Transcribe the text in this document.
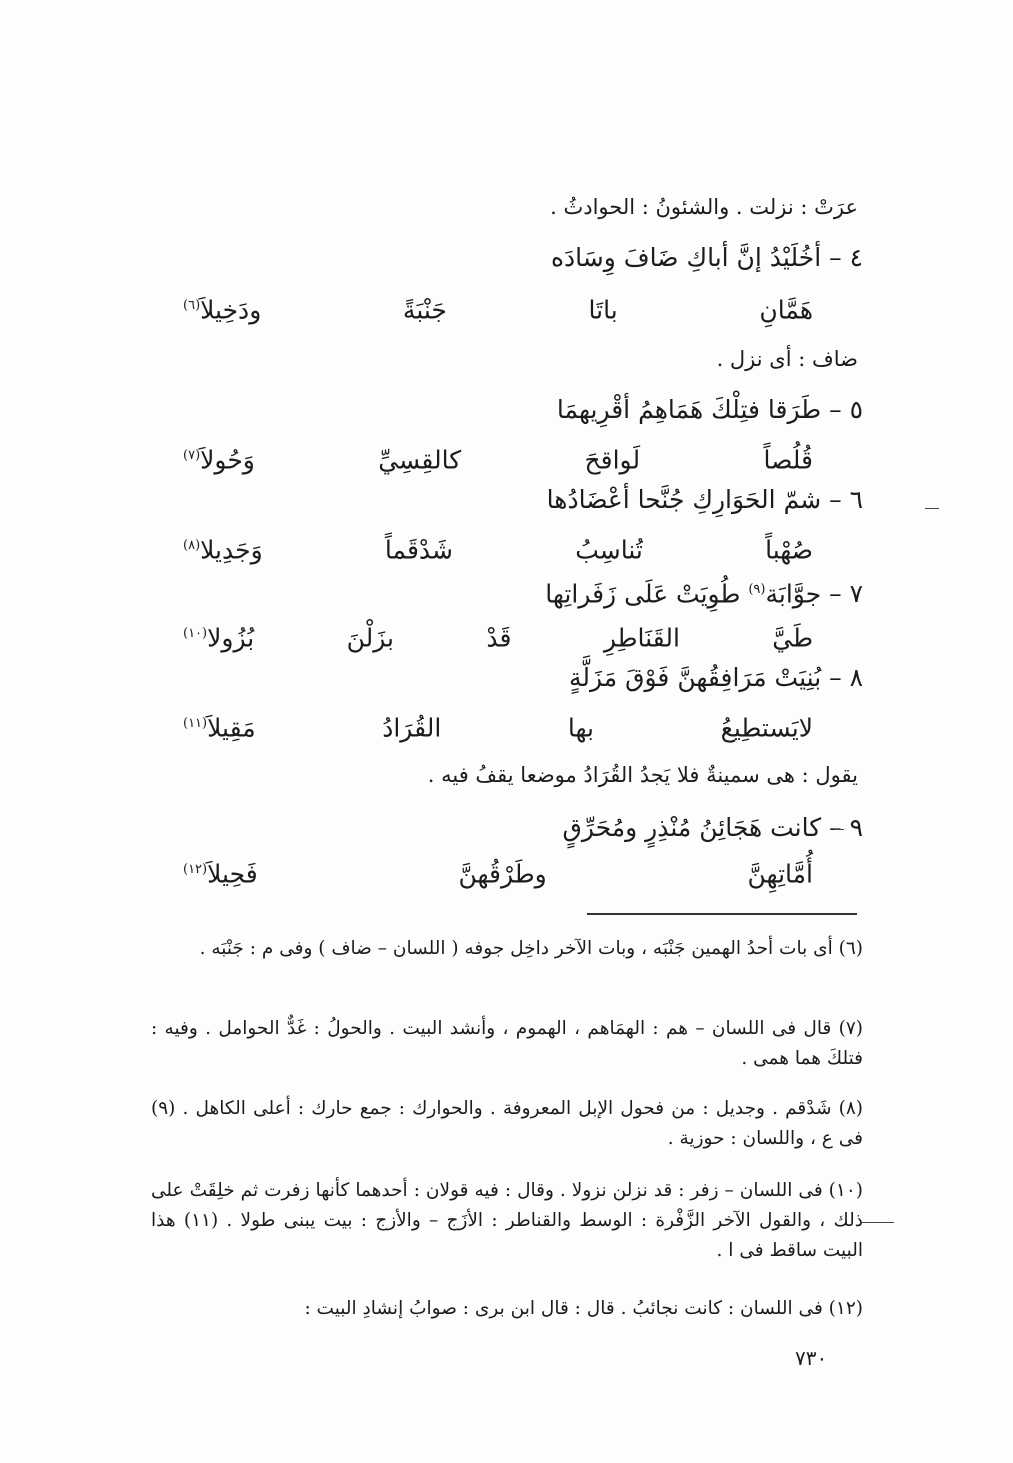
عرَتْ : نزلت . والشئونُ : الحوادثُ .
٤ – أخُلَيْدُ إنَّ أباكِ ضَافَ وِسَادَه
هَمَّانِ باتَا جَنْبَةً ودَخِيلاَ$^{(٦)}$
ضاف : أى نزل .
٥ – طَرَقا فتِلْكَ هَمَاهِمُ أقْرِيهمَا
قُلُصاً لَواقحَ كالقِسِيِّ وَحُولاَ$^{(٧)}$
٦ – شمّ الحَوَارِكِ جُنَّحا أعْضَادُها
صُهْباً تُناسِبُ شَدْقَماً وَجَدِيلا$^{(٨)}$
٧ – جوَّابَة$^{(٩)}$ طُوِيَتْ عَلَى زَفَراتِها
طَيَّ القَنَاطِرِ قَدْ بزَلْنَ بُزُولا$^{(١٠)}$
٨ – بُنِيَتْ مَرَافِقُهنَّ فَوْقَ مَزَلَّةٍ
لايَستطِيعُ بها القُرَادُ مَقِيلاَ$^{(١١)}$
يقول : هى سمينةٌ فلا يَجدُ القُرَادُ موضعا يقفُ فيه .
٩ – كانت هَجَائِنُ مُنْذِرٍ ومُحَرِّقٍ
أُمَّاتِهِنَّ وطَرْقُهنَّ فَحِيلاَ$^{(١٢)}$
(٦) أى بات أحدُ الهمين جَنْبَه ، وبات الآخر داخِل جوفه ( اللسان – ضاف ) وفى م : جَنْبَه .
(٧) قال فى اللسان – هم : الهمَاهم ، الهموم ، وأنشد البيت . والحولُ : غَدٌّ الحوامل . وفيه : فتلكَ هما همى .
(٨) شَدْقم . وجديل : من فحول الإبل المعروفة . والحوارك : جمع حارك : أعلى الكاهل . (٩) فى ع ، واللسان : حوزية .
(١٠) فى اللسان – زفر : قد نزلن نزولا . وقال : فيه قولان : أحدهما كأنها زفرت ثم خلِقَتْ على ذلك ، والقول الآخر الزَّفْرة : الوسط والقناطر : الأزَج – والأزج : بيت يبنى طولا . (١١) هذا البيت ساقط فى ا .
(١٢) فى اللسان : كانت نجائبُ . قال : قال ابن برى : صوابُ إنشادِ البيت :
٧٣٠
